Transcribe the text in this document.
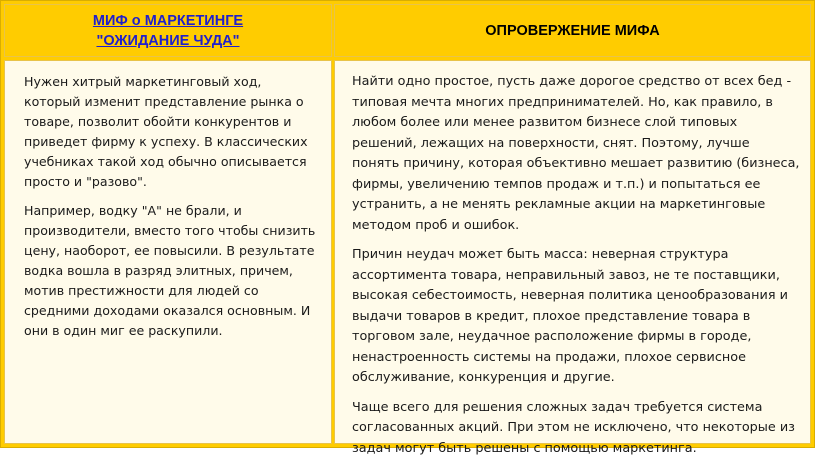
МИФ о МАРКЕТИНГЕ
"ОЖИДАНИЕ ЧУДА"
ОПРОВЕРЖЕНИЕ МИФА

Нужен хитрый маркетинговый ход, который изменит представление рынка о товаре, позволит обойти конкурентов и приведет фирму к успеху. В классических учебниках такой ход обычно описывается просто и "разово".

Например, водку "А" не брали, и производители, вместо того чтобы снизить цену, наоборот, ее повысили. В результате водка вошла в разряд элитных, причем, мотив престижности для людей со средними доходами оказался основным. И они в один миг ее раскупили.

Найти одно простое, пусть даже дорогое средство от всех бед - типовая мечта многих предпринимателей. Но, как правило, в любом более или менее развитом бизнесе слой типовых решений, лежащих на поверхности, снят. Поэтому, лучше понять причину, которая объективно мешает развитию (бизнеса, фирмы, увеличению темпов продаж и т.п.) и попытаться ее устранить, а не менять рекламные акции на маркетинговые методом проб и ошибок.

Причин неудач может быть масса: неверная структура ассортимента товара, неправильный завоз, не те поставщики, высокая себестоимость, неверная политика ценообразования и выдачи товаров в кредит, плохое представление товара в торговом зале, неудачное расположение фирмы в городе, ненастроенность системы на продажи, плохое сервисное обслуживание, конкуренция и другие.

Чаще всего для решения сложных задач требуется система согласованных акций. При этом не исключено, что некоторые из задач могут быть решены с помощью маркетинга.
